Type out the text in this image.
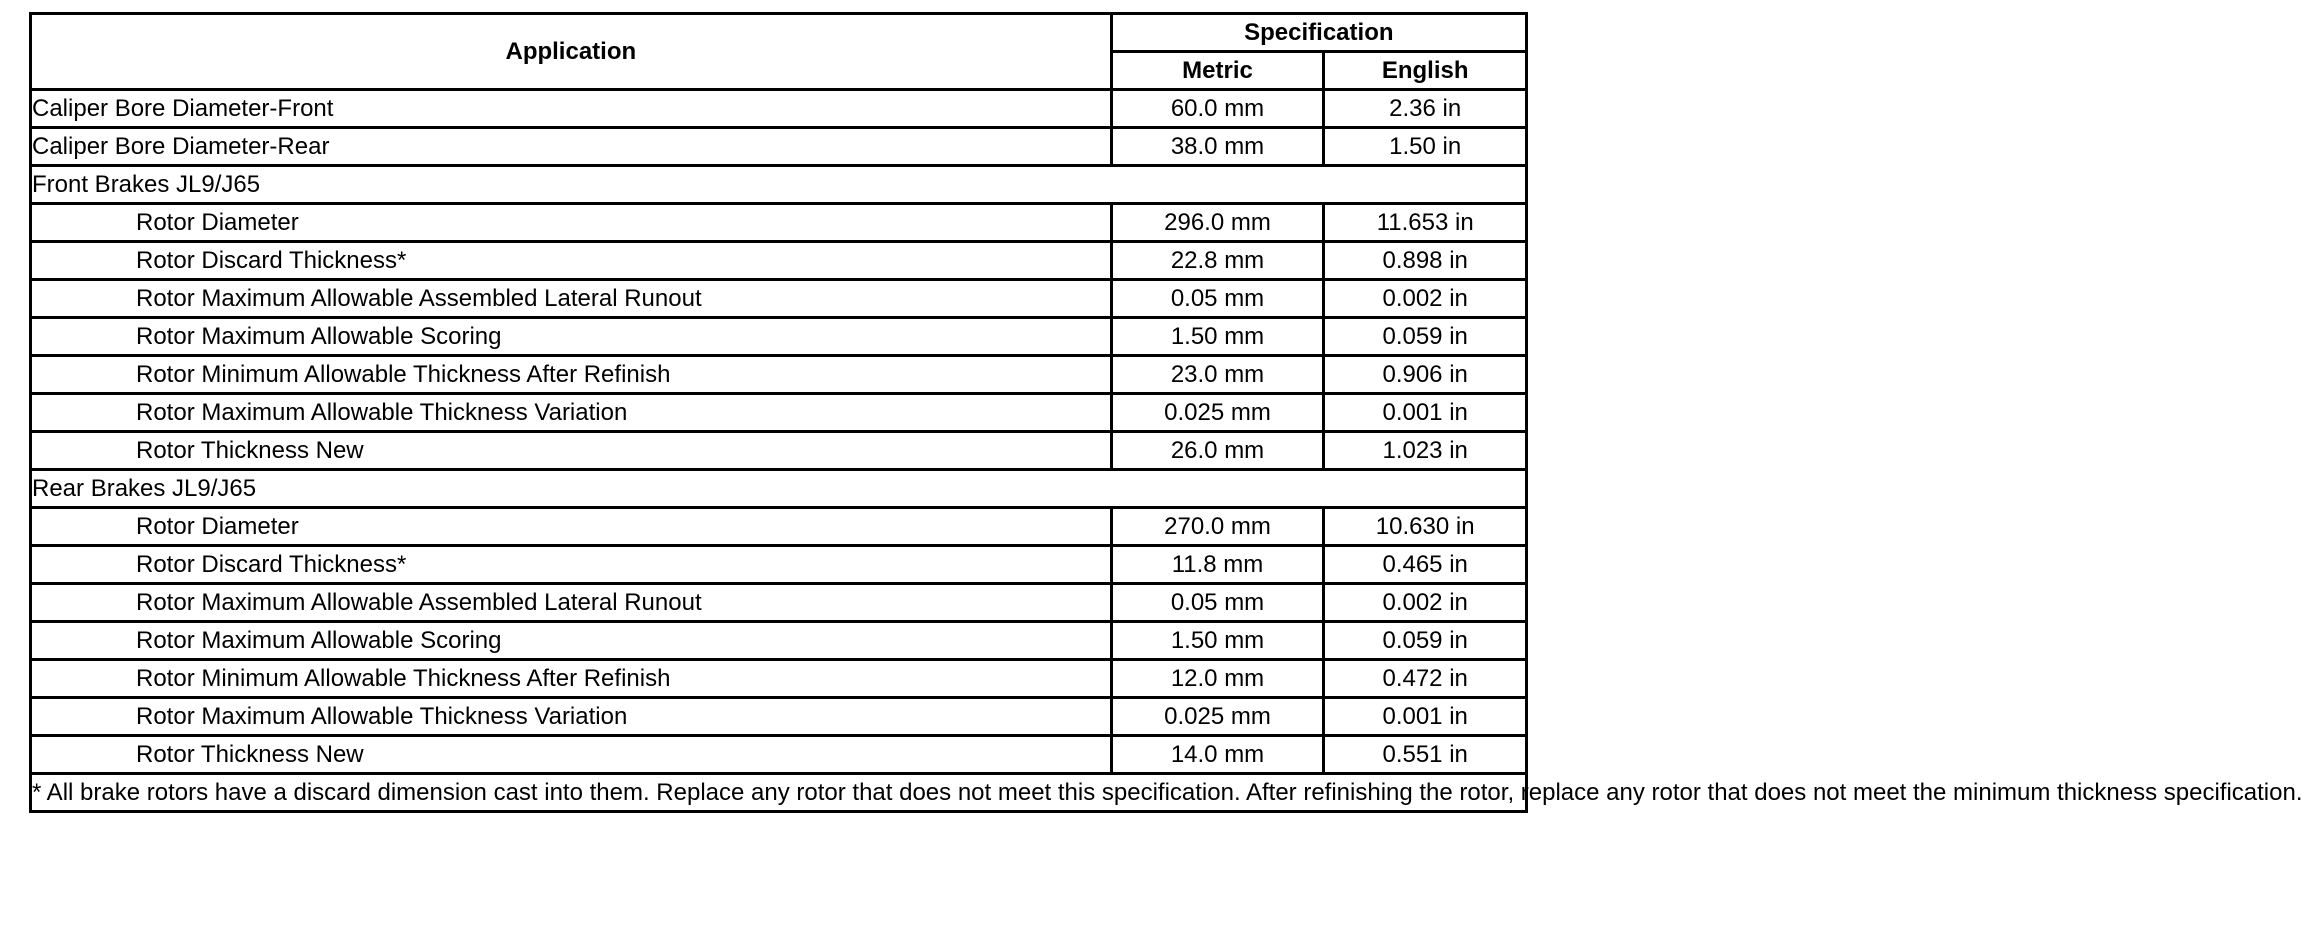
Application	Specification	
	Metric	English
Caliper Bore Diameter-Front	60.0 mm	2.36 in
Caliper Bore Diameter-Rear	38.0 mm	1.50 in
Front Brakes JL9/J65		
Rotor Diameter	296.0 mm	11.653 in
Rotor Discard Thickness*	22.8 mm	0.898 in
Rotor Maximum Allowable Assembled Lateral Runout	0.05 mm	0.002 in
Rotor Maximum Allowable Scoring	1.50 mm	0.059 in
Rotor Minimum Allowable Thickness After Refinish	23.0 mm	0.906 in
Rotor Maximum Allowable Thickness Variation	0.025 mm	0.001 in
Rotor Thickness New	26.0 mm	1.023 in
Rear Brakes JL9/J65		
Rotor Diameter	270.0 mm	10.630 in
Rotor Discard Thickness*	11.8 mm	0.465 in
Rotor Maximum Allowable Assembled Lateral Runout	0.05 mm	0.002 in
Rotor Maximum Allowable Scoring	1.50 mm	0.059 in
Rotor Minimum Allowable Thickness After Refinish	12.0 mm	0.472 in
Rotor Maximum Allowable Thickness Variation	0.025 mm	0.001 in
Rotor Thickness New	14.0 mm	0.551 in
* All brake rotors have a discard dimension cast into them. Replace any rotor that does not meet this specification. After refinishing the rotor, replace any rotor that does not meet the minimum thickness specification.		
